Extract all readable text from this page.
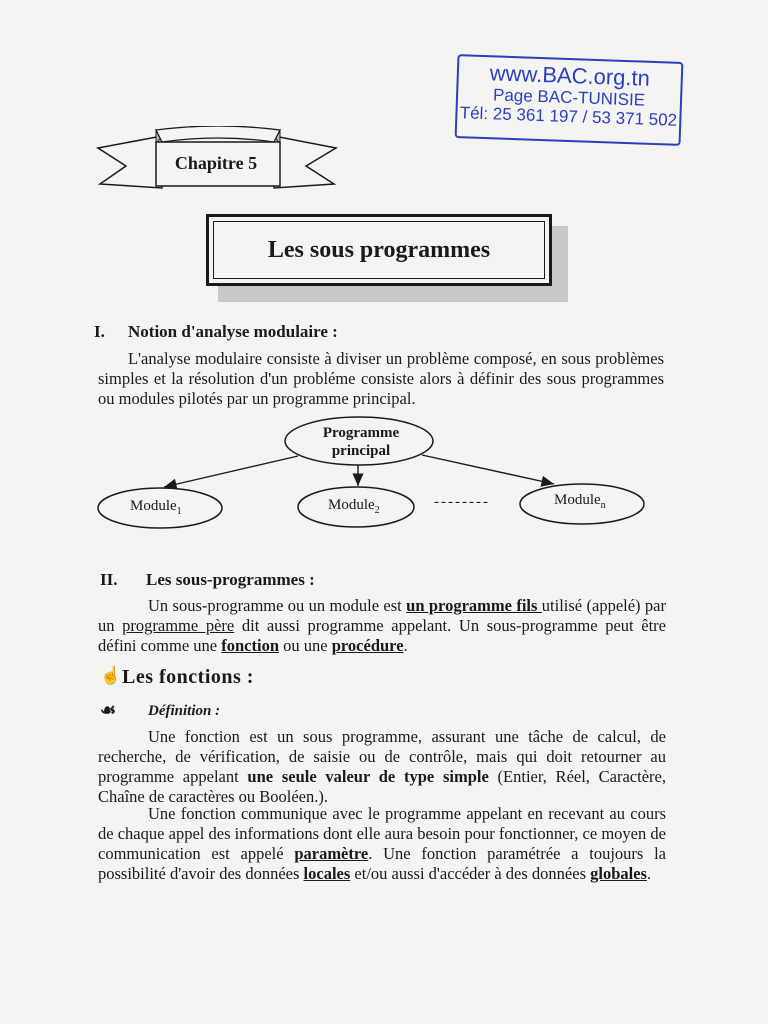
www.BAC.org.tn
Page BAC-TUNISIE
Tél: 25 361 197 / 53 371 502
Chapitre 5
Les sous programmes
I. Notion d'analyse modulaire :
L'analyse modulaire consiste à diviser un problème composé, en sous problèmes simples et la résolution d'un probléme consiste alors à définir des sous programmes ou modules pilotés par un programme principal.
Programme
principal
Module$_1$	Module$_2$
--------	Module$_n$
II. Les sous-programmes :
Un sous-programme ou un module est un programme fils utilisé (appelé) par un programme père dit aussi programme appelant. Un sous-programme peut être défini comme une fonction ou une procédure.
☝ Les fonctions :
☙ Définition :
Une fonction est un sous programme, assurant une tâche de calcul, de recherche, de vérification, de saisie ou de contrôle, mais qui doit retourner au programme appelant une seule valeur de type simple (Entier, Réel, Caractère, Chaîne de caractères ou Booléen.).
Une fonction communique avec le programme appelant en recevant au cours de chaque appel des informations dont elle aura besoin pour fonctionner, ce moyen de communication est appelé paramètre. Une fonction paramétrée a toujours la possibilité d'avoir des données locales et/ou aussi d'accéder à des données globales.
